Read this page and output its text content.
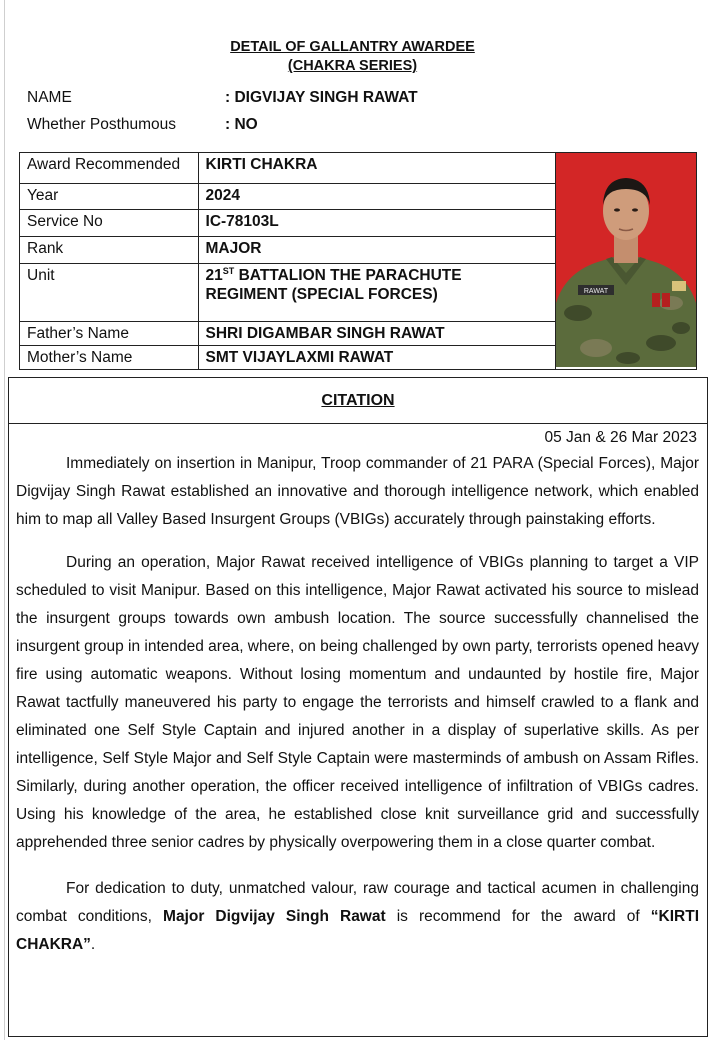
DETAIL OF GALLANTRY AWARDEE
(CHAKRA SERIES)
NAME	: DIGVIJAY SINGH RAWAT
Whether Posthumous	: NO
Award Recommended	KIRTI CHAKRA	RAWAT

Year	2024	
Service No	IC-78103L	
Rank	MAJOR	
Unit	21ST BATTALION THE PARACHUTE REGIMENT (SPECIAL FORCES)	
Father’s Name	SHRI DIGAMBAR SINGH RAWAT	
Mother’s Name	SMT VIJAYLAXMI RAWAT	
CITATION
05 Jan & 26 Mar 2023

Immediately on insertion in Manipur, Troop commander of 21 PARA (Special Forces), Major Digvijay Singh Rawat established an innovative and thorough intelligence network, which enabled him to map all Valley Based Insurgent Groups (VBIGs) accurately through painstaking efforts.

During an operation, Major Rawat received intelligence of VBIGs planning to target a VIP scheduled to visit Manipur. Based on this intelligence, Major Rawat activated his source to mislead the insurgent groups towards own ambush location. The source successfully channelised the insurgent group in intended area, where, on being challenged by own party, terrorists opened heavy fire using automatic weapons. Without losing momentum and undaunted by hostile fire, Major Rawat tactfully maneuvered his party to engage the terrorists and himself crawled to a flank and eliminated one Self Style Captain and injured another in a display of superlative skills. As per intelligence, Self Style Major and Self Style Captain were masterminds of ambush on Assam Rifles. Similarly, during another operation, the officer received intelligence of infiltration of VBIGs cadres. Using his knowledge of the area, he established close knit surveillance grid and successfully apprehended three senior cadres by physically overpowering them in a close quarter combat.

For dedication to duty, unmatched valour, raw courage and tactical acumen in challenging combat conditions, Major Digvijay Singh Rawat is recommend for the award of “KIRTI CHAKRA”.
